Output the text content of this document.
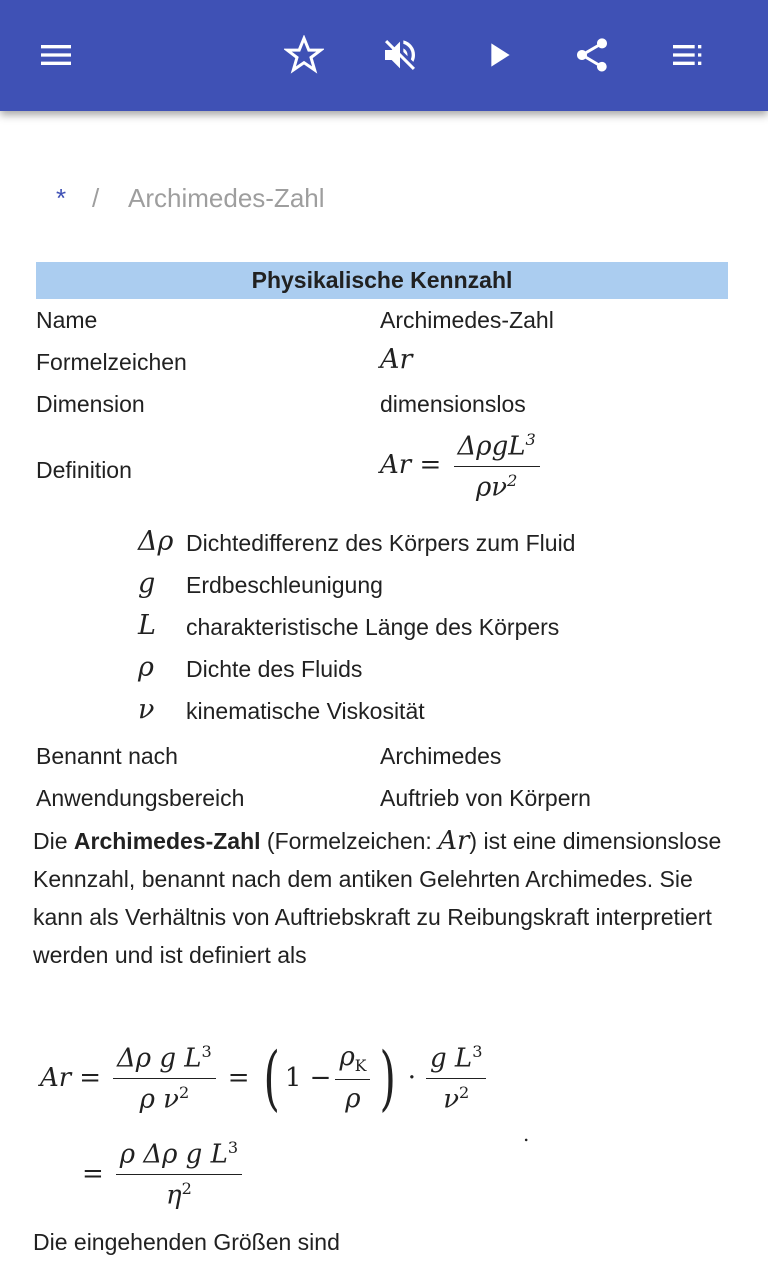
* /	Archimedes-Zahl
Physikalische Kennzahl
Name	Archimedes-Zahl
Formelzeichen	Ar
Dimension	dimensionslos
Definition	$Ar = \frac{\Delta\rho gL^3}{\rho\nu^2}$
Δρ Dichtedifferenz des Körpers zum Fluid
g Erdbeschleunigung
L charakteristische Länge des Körpers
ρ Dichte des Fluids
ν kinematische Viskosität
Benannt nach	Archimedes
Anwendungsbereich	Auftrieb von Körpern
Die Archimedes-Zahl (Formelzeichen: Ar) ist eine dimensionslose Kennzahl, benannt nach dem antiken Gelehrten Archimedes. Sie kann als Verhältnis von Auftriebskraft zu Reibungskraft interpretiert werden und ist definiert als
$Ar = \frac{\Delta\rho g L^3}{\rho \nu^2}$ = ( $1 - \frac{\rho_K}{\rho}$ ) · $\frac{g L^3}{\nu^2}$
.
= $\frac{\rho \Delta\rho g L^3}{\eta^2}$
Die eingehenden Größen sind
